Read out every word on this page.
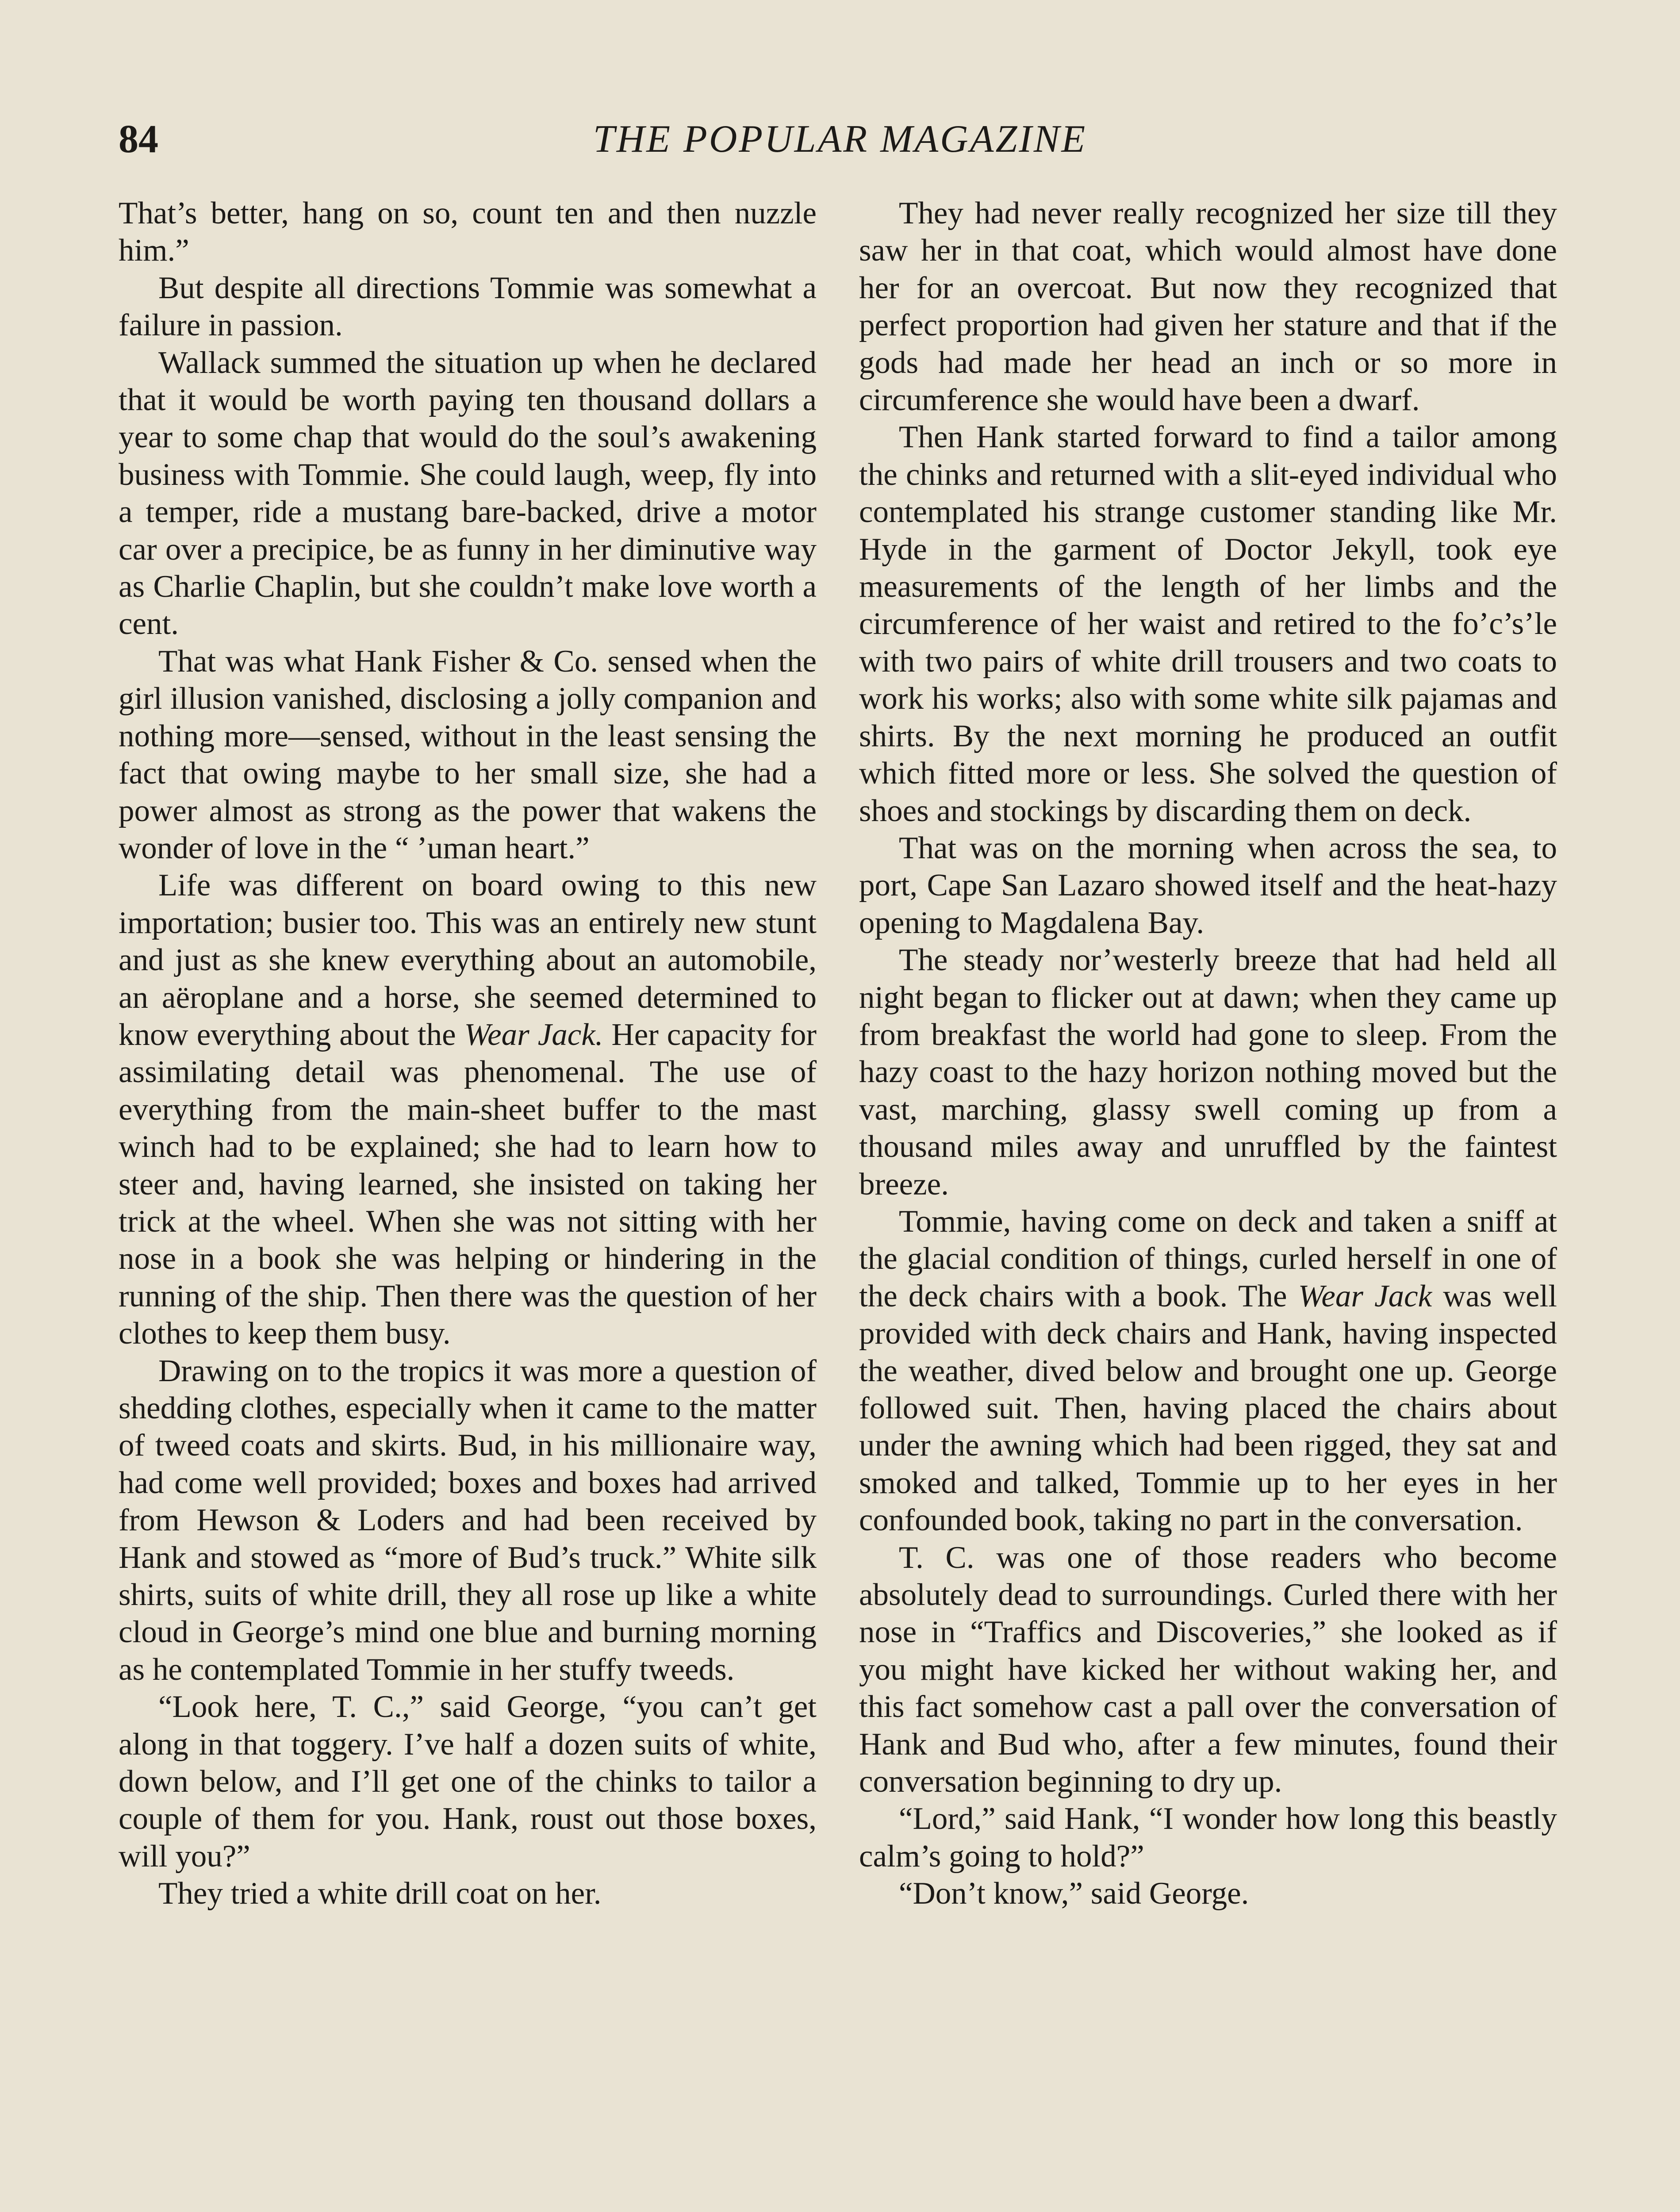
84	THE POPULAR MAGAZINE

That’s better, hang on so, count ten and then nuzzle him.”

But despite all directions Tommie was somewhat a failure in passion.

Wallack summed the situation up when he declared that it would be worth paying ten thousand dollars a year to some chap that would do the soul’s awakening business with Tommie. She could laugh, weep, fly into a temper, ride a mustang bare-backed, drive a motor car over a precipice, be as funny in her diminutive way as Charlie Chaplin, but she couldn’t make love worth a cent.

That was what Hank Fisher & Co. sensed when the girl illusion vanished, disclosing a jolly companion and nothing more—sensed, without in the least sensing the fact that owing maybe to her small size, she had a power almost as strong as the power that wakens the wonder of love in the “ ’uman heart.”

Life was different on board owing to this new importation; busier too. This was an entirely new stunt and just as she knew everything about an automobile, an aëroplane and a horse, she seemed determined to know everything about the Wear Jack. Her capacity for assimilating detail was phenomenal. The use of everything from the main-sheet buffer to the mast winch had to be explained; she had to learn how to steer and, having learned, she insisted on taking her trick at the wheel. When she was not sitting with her nose in a book she was helping or hindering in the running of the ship. Then there was the question of her clothes to keep them busy.

Drawing on to the tropics it was more a question of shedding clothes, especially when it came to the matter of tweed coats and skirts. Bud, in his millionaire way, had come well provided; boxes and boxes had arrived from Hewson & Loders and had been received by Hank and stowed as “more of Bud’s truck.” White silk shirts, suits of white drill, they all rose up like a white cloud in George’s mind one blue and burning morning as he contemplated Tommie in her stuffy tweeds.

“Look here, T. C.,” said George, “you can’t get along in that toggery. I’ve half a dozen suits of white, down below, and I’ll get one of the chinks to tailor a couple of them for you. Hank, roust out those boxes, will you?”

They tried a white drill coat on her.

They had never really recognized her size till they saw her in that coat, which would almost have done her for an overcoat. But now they recognized that perfect proportion had given her stature and that if the gods had made her head an inch or so more in circumference she would have been a dwarf.

Then Hank started forward to find a tailor among the chinks and returned with a slit-eyed individual who contemplated his strange customer standing like Mr. Hyde in the garment of Doctor Jekyll, took eye measurements of the length of her limbs and the circumference of her waist and retired to the fo’c’s’le with two pairs of white drill trousers and two coats to work his works; also with some white silk pajamas and shirts. By the next morning he produced an outfit which fitted more or less. She solved the question of shoes and stockings by discarding them on deck.

That was on the morning when across the sea, to port, Cape San Lazaro showed itself and the heat-hazy opening to Magdalena Bay.

The steady nor’westerly breeze that had held all night began to flicker out at dawn; when they came up from breakfast the world had gone to sleep. From the hazy coast to the hazy horizon nothing moved but the vast, marching, glassy swell coming up from a thousand miles away and unruffled by the faintest breeze.

Tommie, having come on deck and taken a sniff at the glacial condition of things, curled herself in one of the deck chairs with a book. The Wear Jack was well provided with deck chairs and Hank, having inspected the weather, dived below and brought one up. George followed suit. Then, having placed the chairs about under the awning which had been rigged, they sat and smoked and talked, Tommie up to her eyes in her confounded book, taking no part in the conversation.

T. C. was one of those readers who become absolutely dead to surroundings. Curled there with her nose in “Traffics and Discoveries,” she looked as if you might have kicked her without waking her, and this fact somehow cast a pall over the conversation of Hank and Bud who, after a few minutes, found their conversation beginning to dry up.

“Lord,” said Hank, “I wonder how long this beastly calm’s going to hold?”

“Don’t know,” said George.
